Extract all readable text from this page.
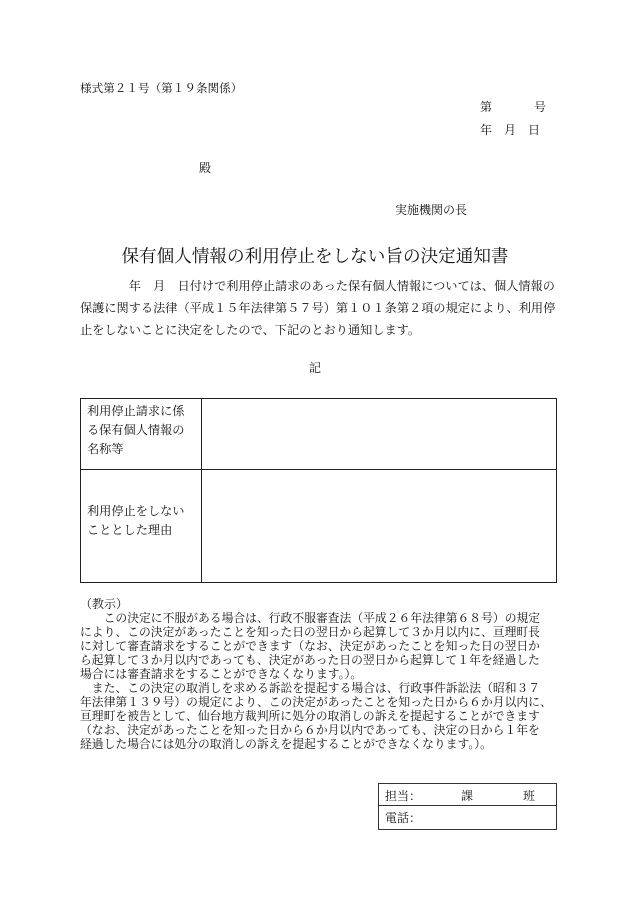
様式第２１号（第１９条関係）
第	号
年　月　日
殿
実施機関の長
保有個人情報の利用停止をしない旨の決定通知書
年　月　日付けで利用停止請求のあった保有個人情報については、個人情報の
保護に関する法律（平成１５年法律第５７号）第１０１条第２項の規定により、利用停
止をしないことに決定をしたので、下記のとおり通知します。
記
利用停止請求に係
る保有個人情報の
名称等
利用停止をしない
こととした理由
（教示）
この決定に不服がある場合は、行政不服審査法（平成２６年法律第６８号）の規定
により、この決定があったことを知った日の翌日から起算して３か月以内に、亘理町長
に対して審査請求をすることができます（なお、決定があったことを知った日の翌日か
ら起算して３か月以内であっても、決定があった日の翌日から起算して１年を経過した
場合には審査請求をすることができなくなります。）。
また、この決定の取消しを求める訴訟を提起する場合は、行政事件訴訟法（昭和３７
年法律第１３９号）の規定により、この決定があったことを知った日から６か月以内に、
亘理町を被告として、仙台地方裁判所に処分の取消しの訴えを提起することができます
（なお、決定があったことを知った日から６か月以内であっても、決定の日から１年を
経過した場合には処分の取消しの訴えを提起することができなくなります。）。
担当：	課	班
電話：
